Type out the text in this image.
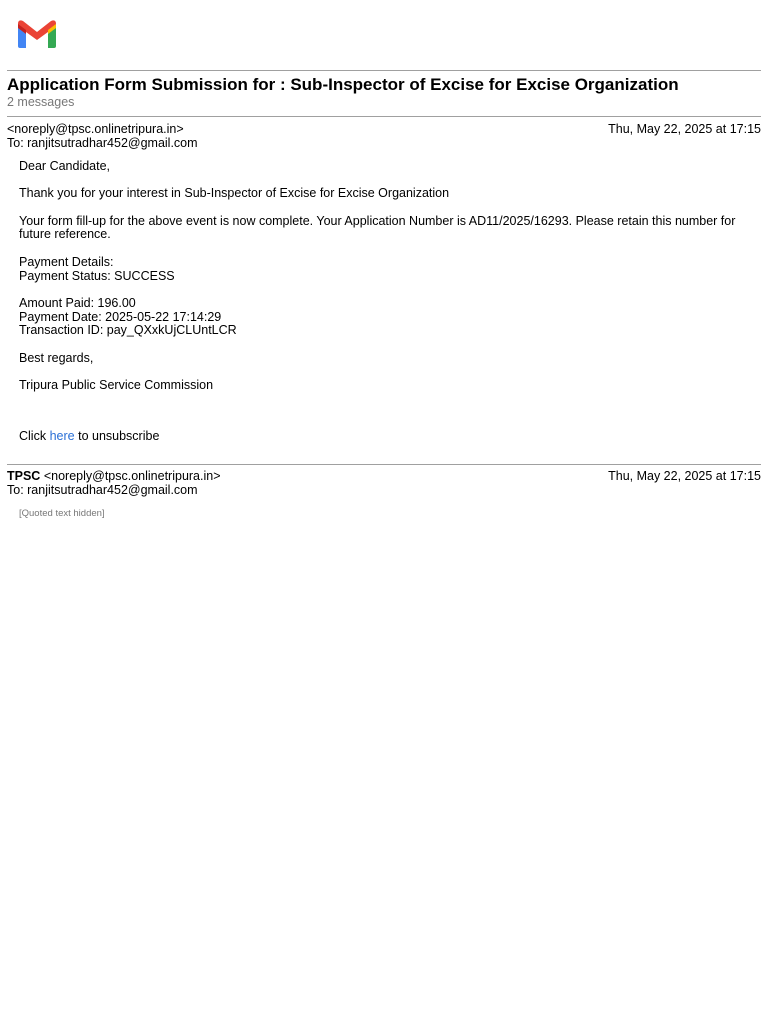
Application Form Submission for : Sub-Inspector of Excise for Excise Organization
2 messages
<noreply@tpsc.onlinetripura.in>	Thu, May 22, 2025 at 17:15
To: ranjitsutradhar452@gmail.com

Dear Candidate,

Thank you for your interest in Sub-Inspector of Excise for Excise Organization

Your form fill-up for the above event is now complete. Your Application Number is AD11/2025/16293. Please retain this number for future reference.

Payment Details:
Payment Status: SUCCESS

Amount Paid: 196.00
Payment Date: 2025-05-22 17:14:29
Transaction ID: pay_QXxkUjCLUntLCR

Best regards,

Tripura Public Service Commission

Click here to unsubscribe

TPSC <noreply@tpsc.onlinetripura.in>	Thu, May 22, 2025 at 17:15
To: ranjitsutradhar452@gmail.com
[Quoted text hidden]
